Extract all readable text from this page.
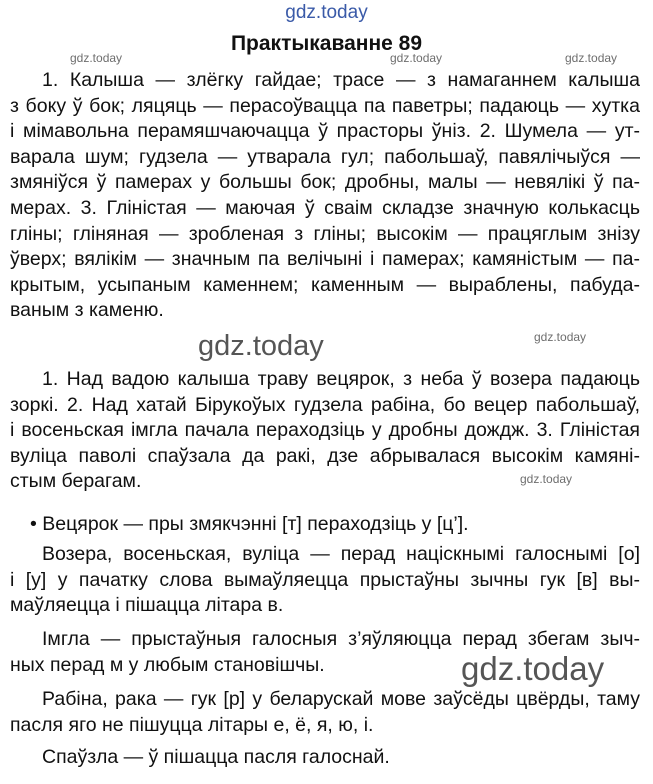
gdz.today
gdz.today	gdz.today	gdz.today
gdz.today
gdz.today
gdz.today
gdz.today
Практыкаванне 89
1. Калыша — злёгку гайдае; трасе — з намаганнем калыша
з боку ў бок; ляцяць — перасоўвацца па паветры; падаюць — хутка
і мімавольна перамяшчаючацца ў прасторы ўніз. 2. Шумела — ут-
варала шум; гудзела — утварала гул; пабольшаў, павялічыўся —
змяніўся ў памерах у большы бок; дробны, малы — невялікі ў па-
мерах. 3. Гліністая — маючая ў сваім складзе значную колькасць
гліны; гліняная — зробленая з гліны; высокім — працяглым знізу
ўверх; вялікім — значным па велічыні і памерах; камяністым — па-
крытым, усыпаным каменнем; каменным — выраблены, пабуда-
ваным з каменю.
1. Над вадою калыша траву вецярок, з неба ў возера падаюць
зоркі. 2. Над хатай Бірукоўых гудзела рабіна, бо вецер пабольшаў,
і восеньская імгла пачала пераходзіць у дробны дождж. 3. Гліністая
вуліца паволі спаўзала да ракі, дзе абрывалася высокім камяні-
стым берагам.
• Вецярок — пры змякчэнні [т] пераходзіць у [ц’].
Возера, восеньская, вуліца — перад націскнымі галоснымі [о]
і [у] у пачатку слова вымаўляецца прыстаўны зычны гук [в] вы-
маўляецца і пішацца літара в.
Імгла — прыстаўныя галосныя з’яўляюцца перад збегам зыч-
ных перад м у любым становішчы.
Рабіна, рака — гук [р] у беларускай мове заўсёды цвёрды, таму
пасля яго не пішуцца літары е, ё, я, ю, і.
Спаўзла — ў пішацца пасля галоснай.
